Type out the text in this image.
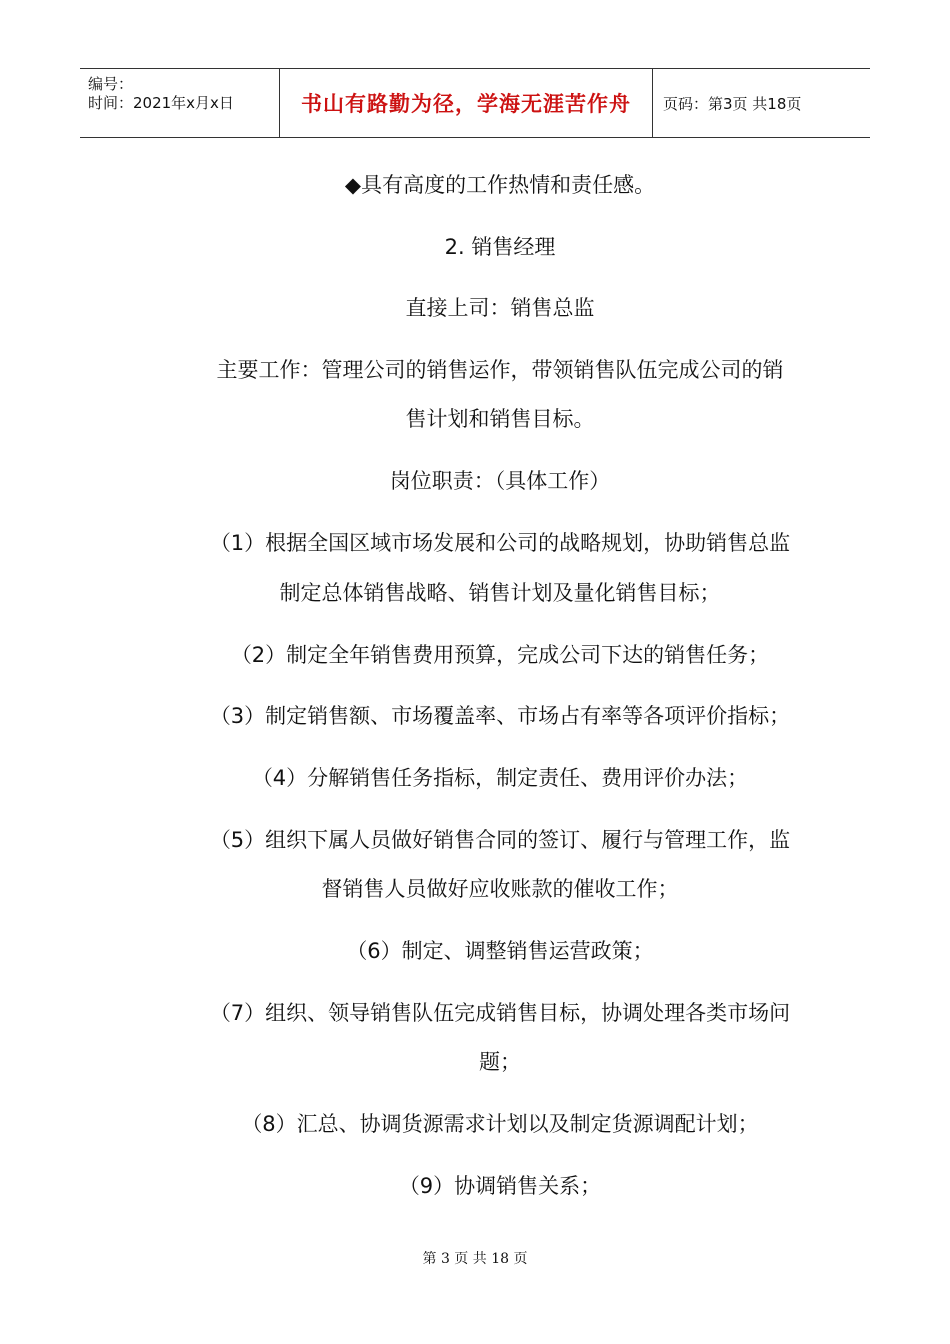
编号：
时间：2021年x月x日	书山有路勤为径，学海无涯苦作舟	页码：第3页 共18页
◆具有高度的工作热情和责任感。
2. 销售经理
直接上司：销售总监
主要工作：管理公司的销售运作，带领销售队伍完成公司的销
售计划和销售目标。
岗位职责：（具体工作）
（1）根据全国区域市场发展和公司的战略规划，协助销售总监
制定总体销售战略、销售计划及量化销售目标；
（2）制定全年销售费用预算，完成公司下达的销售任务；
（3）制定销售额、市场覆盖率、市场占有率等各项评价指标；
（4）分解销售任务指标，制定责任、费用评价办法；
（5）组织下属人员做好销售合同的签订、履行与管理工作，监
督销售人员做好应收账款的催收工作；
（6）制定、调整销售运营政策；
（7）组织、领导销售队伍完成销售目标，协调处理各类市场问
题；
（8）汇总、协调货源需求计划以及制定货源调配计划；
（9）协调销售关系；
第 3 页 共 18 页
